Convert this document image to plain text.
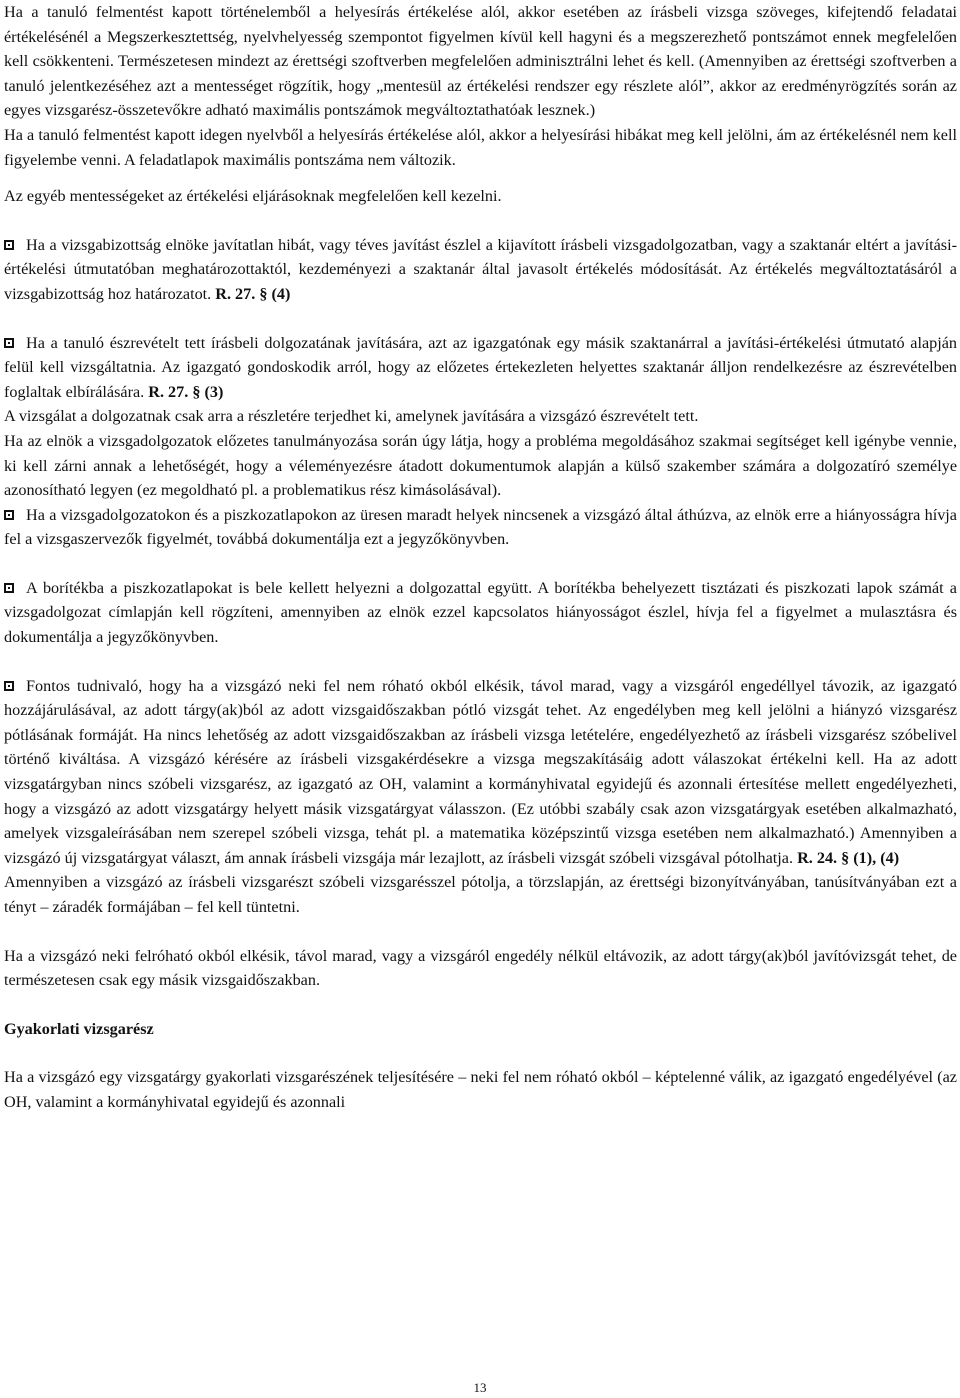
Ha a tanuló felmentést kapott történelemből a helyesírás értékelése alól, akkor esetében az írásbeli vizsga szöveges, kifejtendő feladatai értékelésénél a Megszerkesztettség, nyelvhelyesség szempontot figyelmen kívül kell hagyni és a megszerezhető pontszámot ennek megfelelően kell csökkenteni. Természetesen mindezt az érettségi szoftverben megfelelően adminisztrálni lehet és kell. (Amennyiben az érettségi szoftverben a tanuló jelentkezéséhez azt a mentességet rögzítik, hogy „mentesül az értékelési rendszer egy részlete alól”, akkor az eredményrögzítés során az egyes vizsgarész-összetevőkre adható maximális pontszámok megváltoztathatóak lesznek.)

Ha a tanuló felmentést kapott idegen nyelvből a helyesírás értékelése alól, akkor a helyesírási hibákat meg kell jelölni, ám az értékelésnél nem kell figyelembe venni. A feladatlapok maximális pontszáma nem változik.

Az egyéb mentességeket az értékelési eljárásoknak megfelelően kell kezelni.

Ha a vizsgabizottság elnöke javítatlan hibát, vagy téves javítást észlel a kijavított írásbeli vizsgadolgozatban, vagy a szaktanár eltért a javítási-értékelési útmutatóban meghatározottaktól, kezdeményezi a szaktanár által javasolt értékelés módosítását. Az értékelés megváltoztatásáról a vizsgabizottság hoz határozatot. R. 27. § (4)

Ha a tanuló észrevételt tett írásbeli dolgozatának javítására, azt az igazgatónak egy másik szaktanárral a javítási-értékelési útmutató alapján felül kell vizsgáltatnia. Az igazgató gondoskodik arról, hogy az előzetes értekezleten helyettes szaktanár álljon rendelkezésre az észrevételben foglaltak elbírálására. R. 27. § (3)

A vizsgálat a dolgozatnak csak arra a részletére terjedhet ki, amelynek javítására a vizsgázó észrevételt tett.

Ha az elnök a vizsgadolgozatok előzetes tanulmányozása során úgy látja, hogy a probléma megoldásához szakmai segítséget kell igénybe vennie, ki kell zárni annak a lehetőségét, hogy a véleményezésre átadott dokumentumok alapján a külső szakember számára a dolgozatíró személye azonosítható legyen (ez megoldható pl. a problematikus rész kimásolásával).

Ha a vizsgadolgozatokon és a piszkozatlapokon az üresen maradt helyek nincsenek a vizsgázó által áthúzva, az elnök erre a hiányosságra hívja fel a vizsgaszervezők figyelmét, továbbá dokumentálja ezt a jegyzőkönyvben.

A borítékba a piszkozatlapokat is bele kellett helyezni a dolgozattal együtt. A borítékba behelyezett tisztázati és piszkozati lapok számát a vizsgadolgozat címlapján kell rögzíteni, amennyiben az elnök ezzel kapcsolatos hiányosságot észlel, hívja fel a figyelmet a mulasztásra és dokumentálja a jegyzőkönyvben.

Fontos tudnivaló, hogy ha a vizsgázó neki fel nem róható okból elkésik, távol marad, vagy a vizsgáról engedéllyel távozik, az igazgató hozzájárulásával, az adott tárgy(ak)ból az adott vizsgaidőszakban pótló vizsgát tehet. Az engedélyben meg kell jelölni a hiányzó vizsgarész pótlásának formáját. Ha nincs lehetőség az adott vizsgaidőszakban az írásbeli vizsga letételére, engedélyezhető az írásbeli vizsgarész szóbelivel történő kiváltása. A vizsgázó kérésére az írásbeli vizsgakérdésekre a vizsga megszakításáig adott válaszokat értékelni kell. Ha az adott vizsgatárgyban nincs szóbeli vizsgarész, az igazgató az OH, valamint a kormányhivatal egyidejű és azonnali értesítése mellett engedélyezheti, hogy a vizsgázó az adott vizsgatárgy helyett másik vizsgatárgyat válasszon. (Ez utóbbi szabály csak azon vizsgatárgyak esetében alkalmazható, amelyek vizsgaleírásában nem szerepel szóbeli vizsga, tehát pl. a matematika középszintű vizsga esetében nem alkalmazható.) Amennyiben a vizsgázó új vizsgatárgyat választ, ám annak írásbeli vizsgája már lezajlott, az írásbeli vizsgát szóbeli vizsgával pótolhatja. R. 24. § (1), (4)

Amennyiben a vizsgázó az írásbeli vizsgarészt szóbeli vizsgarésszel pótolja, a törzslapján, az érettségi bizonyítványában, tanúsítványában ezt a tényt – záradék formájában – fel kell tüntetni.

Ha a vizsgázó neki felróható okból elkésik, távol marad, vagy a vizsgáról engedély nélkül eltávozik, az adott tárgy(ak)ból javítóvizsgát tehet, de természetesen csak egy másik vizsgaidőszakban.

Gyakorlati vizsgarész

Ha a vizsgázó egy vizsgatárgy gyakorlati vizsgarészének teljesítésére – neki fel nem róható okból – képtelenné válik, az igazgató engedélyével (az OH, valamint a kormányhivatal egyidejű és azonnali

13
